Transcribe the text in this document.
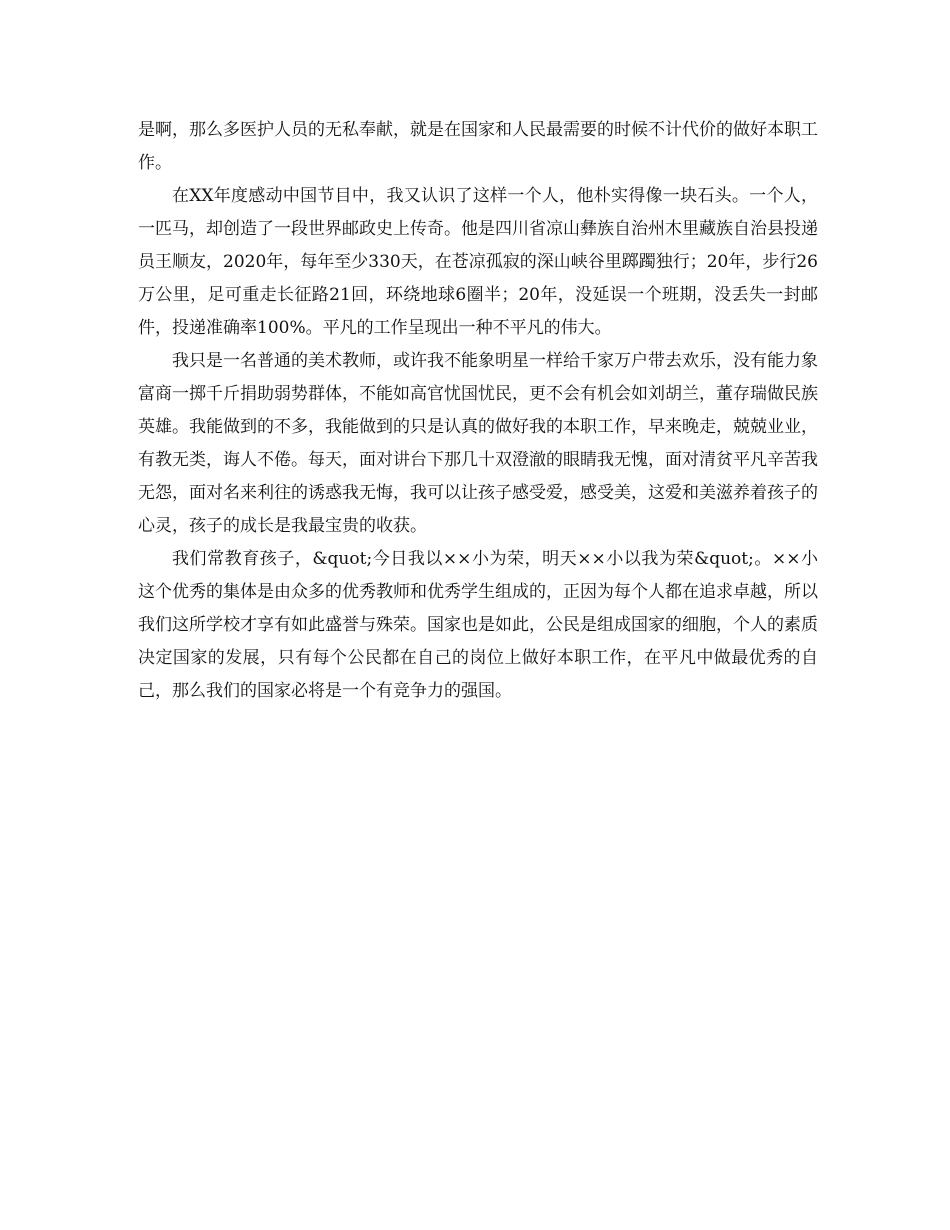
是啊，那么多医护人员的无私奉献，就是在国家和人民最需要的时候不计代价的做好本职工作。

在XX年度感动中国节目中，我又认识了这样一个人，他朴实得像一块石头。一个人，一匹马，却创造了一段世界邮政史上传奇。他是四川省凉山彝族自治州木里藏族自治县投递员王顺友，2020年，每年至少330天，在苍凉孤寂的深山峡谷里踯躅独行；20年，步行26万公里，足可重走长征路21回，环绕地球6圈半；20年，没延误一个班期，没丢失一封邮件，投递准确率100%。平凡的工作呈现出一种不平凡的伟大。

我只是一名普通的美术教师，或许我不能象明星一样给千家万户带去欢乐，没有能力象富商一掷千斤捐助弱势群体，不能如高官忧国忧民，更不会有机会如刘胡兰，董存瑞做民族英雄。我能做到的不多，我能做到的只是认真的做好我的本职工作，早来晚走，兢兢业业，有教无类，诲人不倦。每天，面对讲台下那几十双澄澈的眼睛我无愧，面对清贫平凡辛苦我无怨，面对名来利往的诱惑我无悔，我可以让孩子感受爱，感受美，这爱和美滋养着孩子的心灵，孩子的成长是我最宝贵的收获。

我们常教育孩子，&quot;今日我以××小为荣，明天××小以我为荣&quot;。××小这个优秀的集体是由众多的优秀教师和优秀学生组成的，正因为每个人都在追求卓越，所以我们这所学校才享有如此盛誉与殊荣。国家也是如此，公民是组成国家的细胞，个人的素质决定国家的发展，只有每个公民都在自己的岗位上做好本职工作，在平凡中做最优秀的自己，那么我们的国家必将是一个有竞争力的强国。
